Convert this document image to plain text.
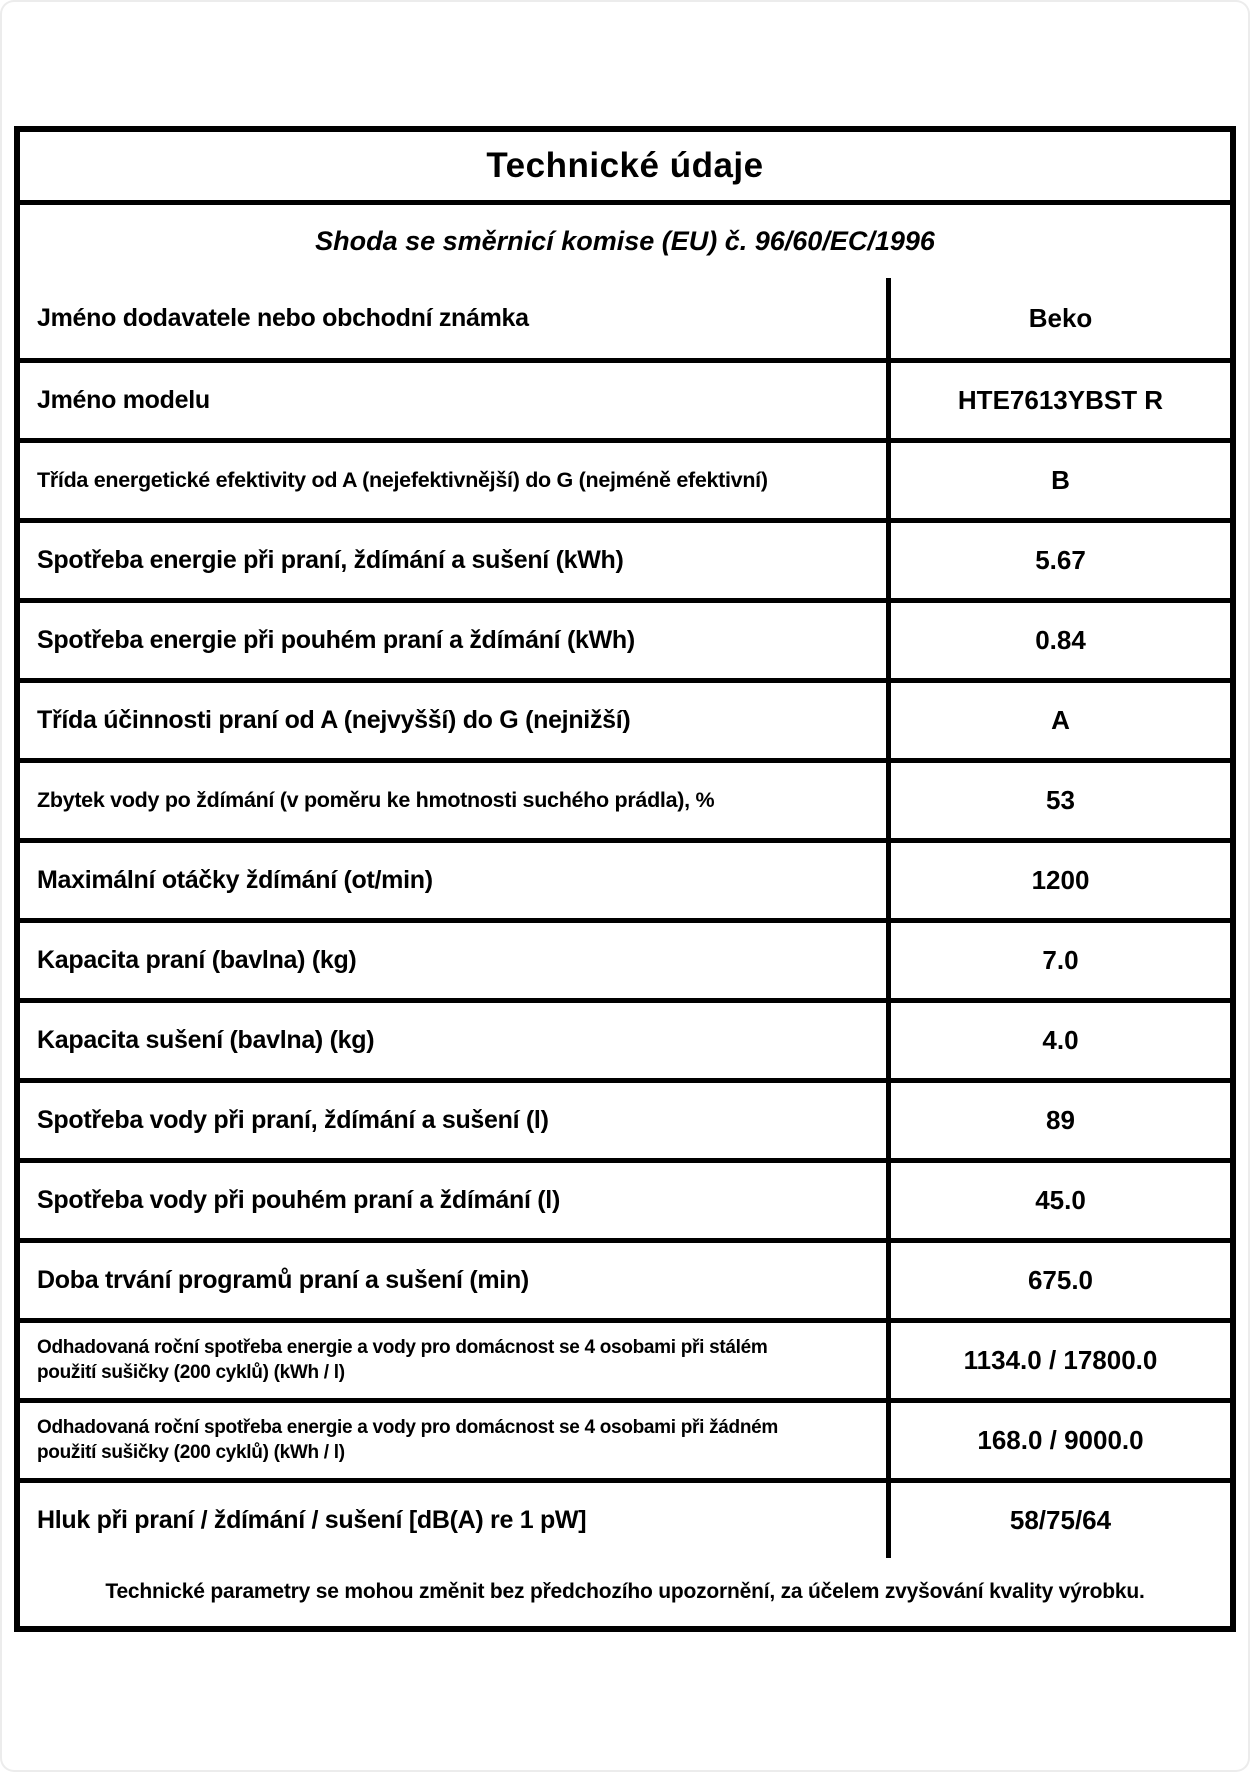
Technické údaje
Shoda se směrnicí komise (EU) č. 96/60/EC/1996
Jméno dodavatele nebo obchodní známka	Beko
Jméno modelu	HTE7613YBST R
Třída energetické efektivity od A (nejefektivnější) do G (nejméně efektivní)	B
Spotřeba energie při praní, ždímání a sušení (kWh)	5.67
Spotřeba energie při pouhém praní a ždímání (kWh)	0.84
Třída účinnosti praní od A (nejvyšší) do G (nejnižší)	A
Zbytek vody po ždímání (v poměru ke hmotnosti suchého prádla), %	53
Maximální otáčky ždímání (ot/min)	1200
Kapacita praní (bavlna) (kg)	7.0
Kapacita sušení (bavlna) (kg)	4.0
Spotřeba vody při praní, ždímání a sušení (l)	89
Spotřeba vody při pouhém praní a ždímání (l)	45.0
Doba trvání programů praní a sušení (min)	675.0
Odhadovaná roční spotřeba energie a vody pro domácnost se 4 osobami při stálém použití sušičky (200 cyklů) (kWh / l)	1134.0 / 17800.0
Odhadovaná roční spotřeba energie a vody pro domácnost se 4 osobami při žádném použití sušičky (200 cyklů) (kWh / l)	168.0 / 9000.0
Hluk při praní / ždímání / sušení [dB(A) re 1 pW]	58/75/64
Technické parametry se mohou změnit bez předchozího upozornění, za účelem zvyšování kvality výrobku.
